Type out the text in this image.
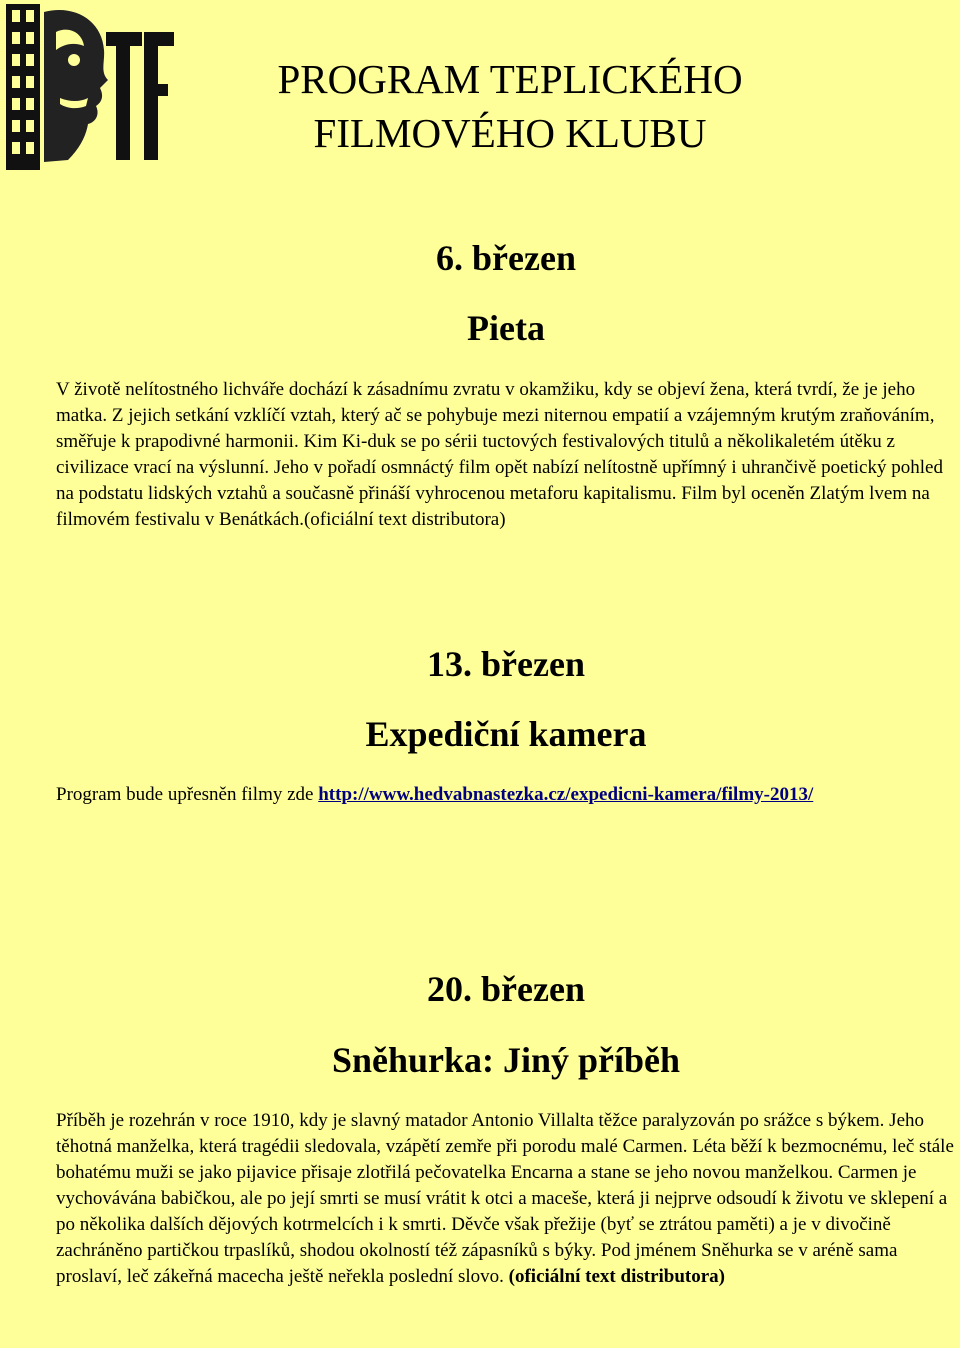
TF
PROGRAM TEPLICKÉHO
FILMOVÉHO KLUBU
6. březen
Pieta

V životě nelítostného lichváře dochází k zásadnímu zvratu v okamžiku, kdy se objeví žena, která tvrdí, že je jeho matka. Z jejich setkání vzklíčí vztah, který ač se pohybuje mezi niternou empatií a vzájemným krutým zraňováním, směřuje k prapodivné harmonii. Kim Ki-duk se po sérii tuctových festivalových titulů a několikaletém útěku z civilizace vrací na výslunní. Jeho v pořadí osmnáctý film opět nabízí nelítostně upřímný i uhrančivě poetický pohled na podstatu lidských vztahů a současně přináší vyhrocenou metaforu kapitalismu. Film byl oceněn Zlatým lvem na filmovém festivalu v Benátkách.(oficiální text distributora)

13. březen
Expediční kamera

Program bude upřesněn filmy zde http://www.hedvabnastezka.cz/expedicni-kamera/filmy-2013/

20. březen
Sněhurka: Jiný příběh

Příběh je rozehrán v roce 1910, kdy je slavný matador Antonio Villalta těžce paralyzován po srážce s býkem. Jeho těhotná manželka, která tragédii sledovala, vzápětí zemře při porodu malé Carmen. Léta běží k bezmocnému, leč stále bohatému muži se jako pijavice přisaje zlotřilá pečovatelka Encarna a stane se jeho novou manželkou. Carmen je vychovávána babičkou, ale po její smrti se musí vrátit k otci a maceše, která ji nejprve odsoudí k životu ve sklepení a po několika dalších dějových kotrmelcích i k smrti. Děvče však přežije (byť se ztrátou paměti) a je v divočině zachráněno partičkou trpaslíků, shodou okolností též zápasníků s býky. Pod jménem Sněhurka se v aréně sama proslaví, leč zákeřná macecha ještě neřekla poslední slovo. (oficiální text distributora)
